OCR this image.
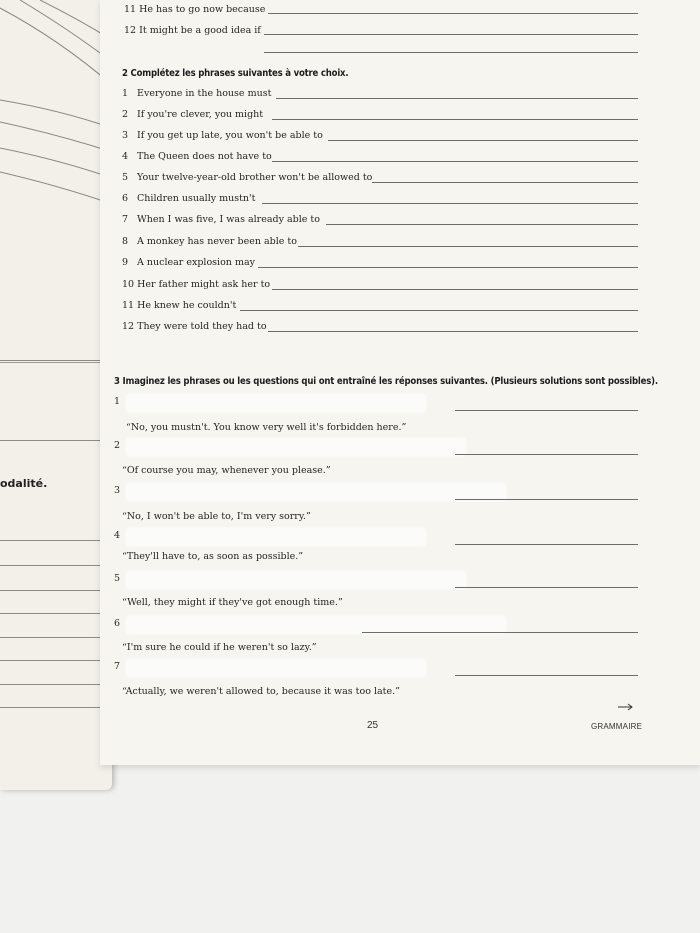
odalité.
11 He has to go now because
12 It might be a good idea if
2 Complétez les phrases suivantes à votre choix.
1 Everyone in the house must
2 If you're clever, you might
3 If you get up late, you won't be able to
4 The Queen does not have to
5 Your twelve-year-old brother won't be allowed to
6 Children usually mustn't
7 When I was five, I was already able to
8 A monkey has never been able to
9 A nuclear explosion may
10 Her father might ask her to
11 He knew he couldn't
12 They were told they had to
3 Imaginez les phrases ou les questions qui ont entraîné les réponses suivantes. (Plusieurs solutions sont possibles).
1
“No, you mustn't. You know very well it's forbidden here.”
2
“Of course you may, whenever you please.”
3
“No, I won't be able to, I'm very sorry.”
4
“They'll have to, as soon as possible.”
5
“Well, they might if they've got enough time.”
6
“I'm sure he could if he weren't so lazy.”
7
“Actually, we weren't allowed to, because it was too late.”
25	GRAMMAIRE
